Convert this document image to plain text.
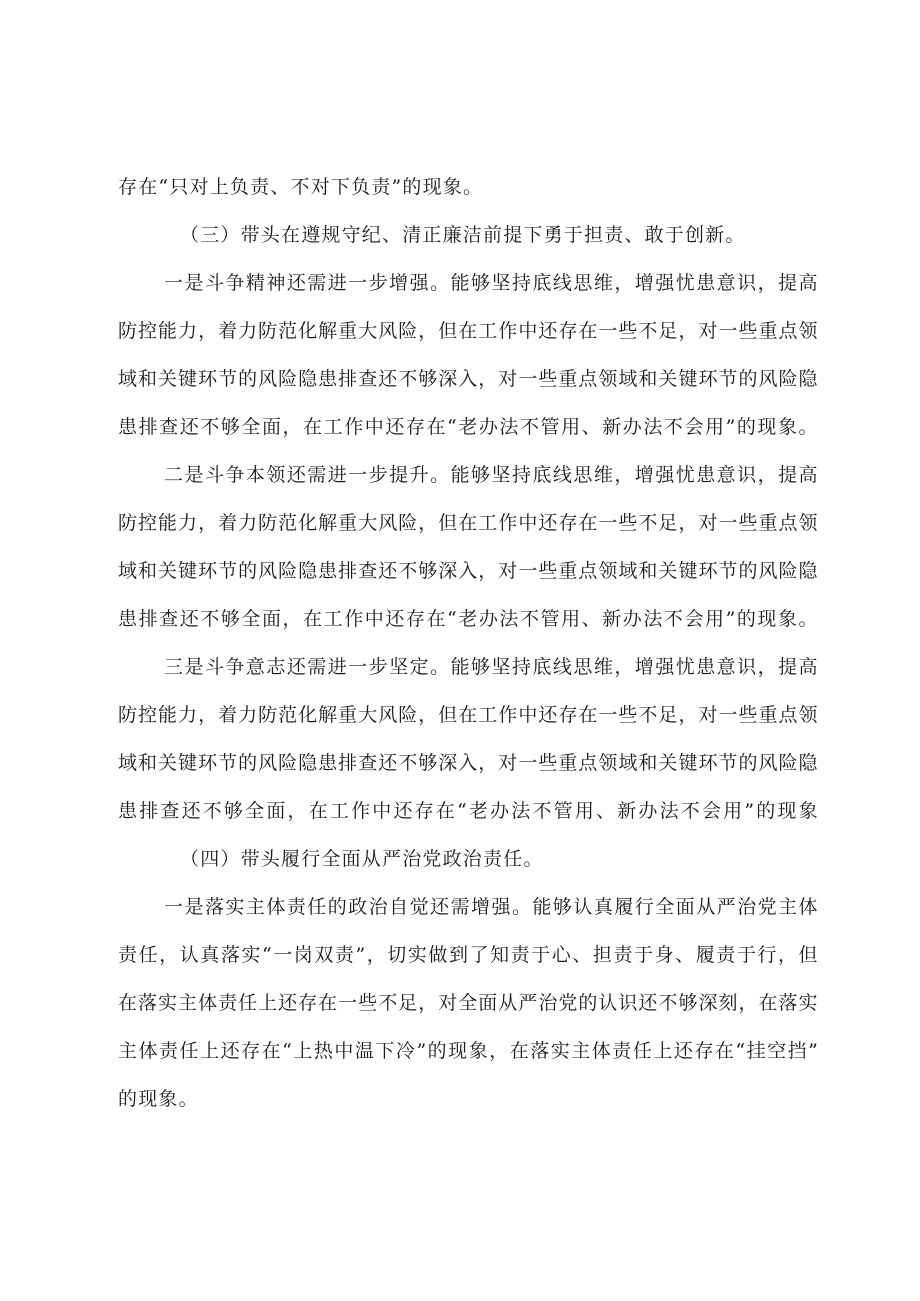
存在“只对上负责、不对下负责”的现象。
（三）带头在遵规守纪、清正廉洁前提下勇于担责、敢于创新。
一 是 斗 争 精 神 还 需 进 一 步 增 强 。 能 够 坚 持 底 线 思 维 ， 增 强 忧 患 意 识 ， 提 高
防 控 能 力 ， 着 力 防 范 化 解 重 大 风 险 ， 但 在 工 作 中 还 存 在 一 些 不 足 ， 对 一 些 重 点 领
域 和 关 键 环 节 的 风 险 隐 患 排 查 还 不 够 深 入 ， 对 一 些 重 点 领 域 和 关 键 环 节 的 风 险 隐
患 排 查 还 不 够 全 面 ， 在 工 作 中 还 存 在 “ 老 办 法 不 管 用 、 新 办 法 不 会 用 ” 的 现 象 。
二 是 斗 争 本 领 还 需 进 一 步 提 升 。 能 够 坚 持 底 线 思 维 ， 增 强 忧 患 意 识 ， 提 高
防 控 能 力 ， 着 力 防 范 化 解 重 大 风 险 ， 但 在 工 作 中 还 存 在 一 些 不 足 ， 对 一 些 重 点 领
域 和 关 键 环 节 的 风 险 隐 患 排 查 还 不 够 深 入 ， 对 一 些 重 点 领 域 和 关 键 环 节 的 风 险 隐
患 排 查 还 不 够 全 面 ， 在 工 作 中 还 存 在 “ 老 办 法 不 管 用 、 新 办 法 不 会 用 ” 的 现 象 。
三 是 斗 争 意 志 还 需 进 一 步 坚 定 。 能 够 坚 持 底 线 思 维 ， 增 强 忧 患 意 识 ， 提 高
防 控 能 力 ， 着 力 防 范 化 解 重 大 风 险 ， 但 在 工 作 中 还 存 在 一 些 不 足 ， 对 一 些 重 点 领
域 和 关 键 环 节 的 风 险 隐 患 排 查 还 不 够 深 入 ， 对 一 些 重 点 领 域 和 关 键 环 节 的 风 险 隐
患 排 查 还 不 够 全 面 ， 在 工 作 中 还 存 在 “ 老 办 法 不 管 用 、 新 办 法 不 会 用 ” 的 现 象
（四）带头履行全面从严治党政治责任。
一 是 落 实 主 体 责 任 的 政 治 自 觉 还 需 增 强 。 能 够 认 真 履 行 全 面 从 严 治 党 主 体
责 任 ， 认 真 落 实 “ 一 岗 双 责 ” ， 切 实 做 到 了 知 责 于 心 、 担 责 于 身 、 履 责 于 行 ， 但
在 落 实 主 体 责 任 上 还 存 在 一 些 不 足 ， 对 全 面 从 严 治 党 的 认 识 还 不 够 深 刻 ， 在 落 实
主 体 责 任 上 还 存 在 “ 上 热 中 温 下 冷 ” 的 现 象 ， 在 落 实 主 体 责 任 上 还 存 在 “ 挂 空 挡 ”
的现象。
